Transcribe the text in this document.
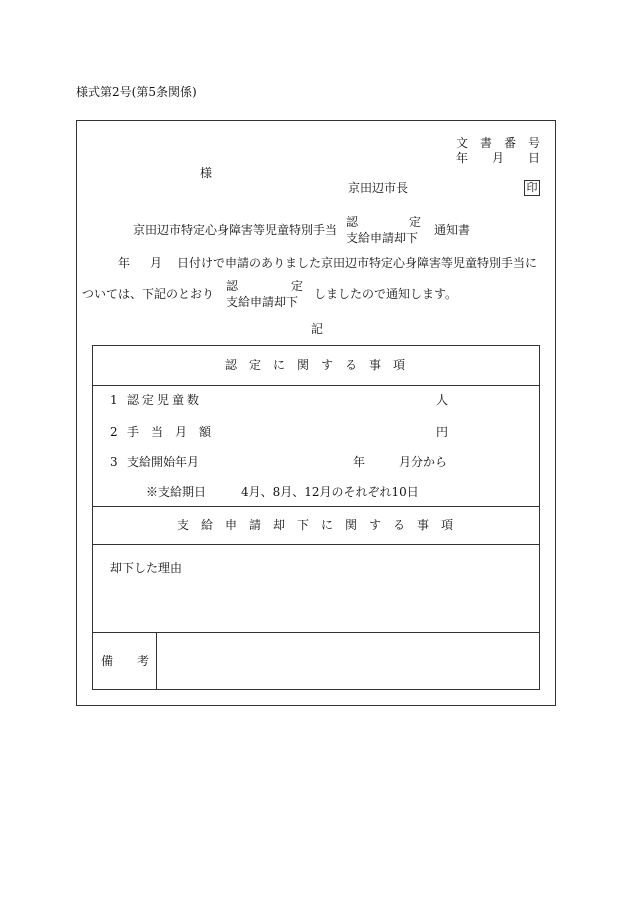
様式第2号(第5条関係)
文　書　番　号
年　　月　　日
様
京田辺市長	印
京田辺市特定心身障害等児童特別手当
認	定
支給申請却下
通知書
年 月 日付けで申請のありました京田辺市特定心身障害等児童特別手当に
ついては、下記のとおり
認	定
支給申請却下
しましたので通知します。
記
認　定　に　関　す　る　事　項
1 認定児童数	人
2 手　当　月　額	円
3 支給開始年月	年	月分から
※支給期日	4月、8月、12月のそれぞれ10日
支　給　申　請　却　下　に　関　す　る　事　項
却下した理由
備　　考
